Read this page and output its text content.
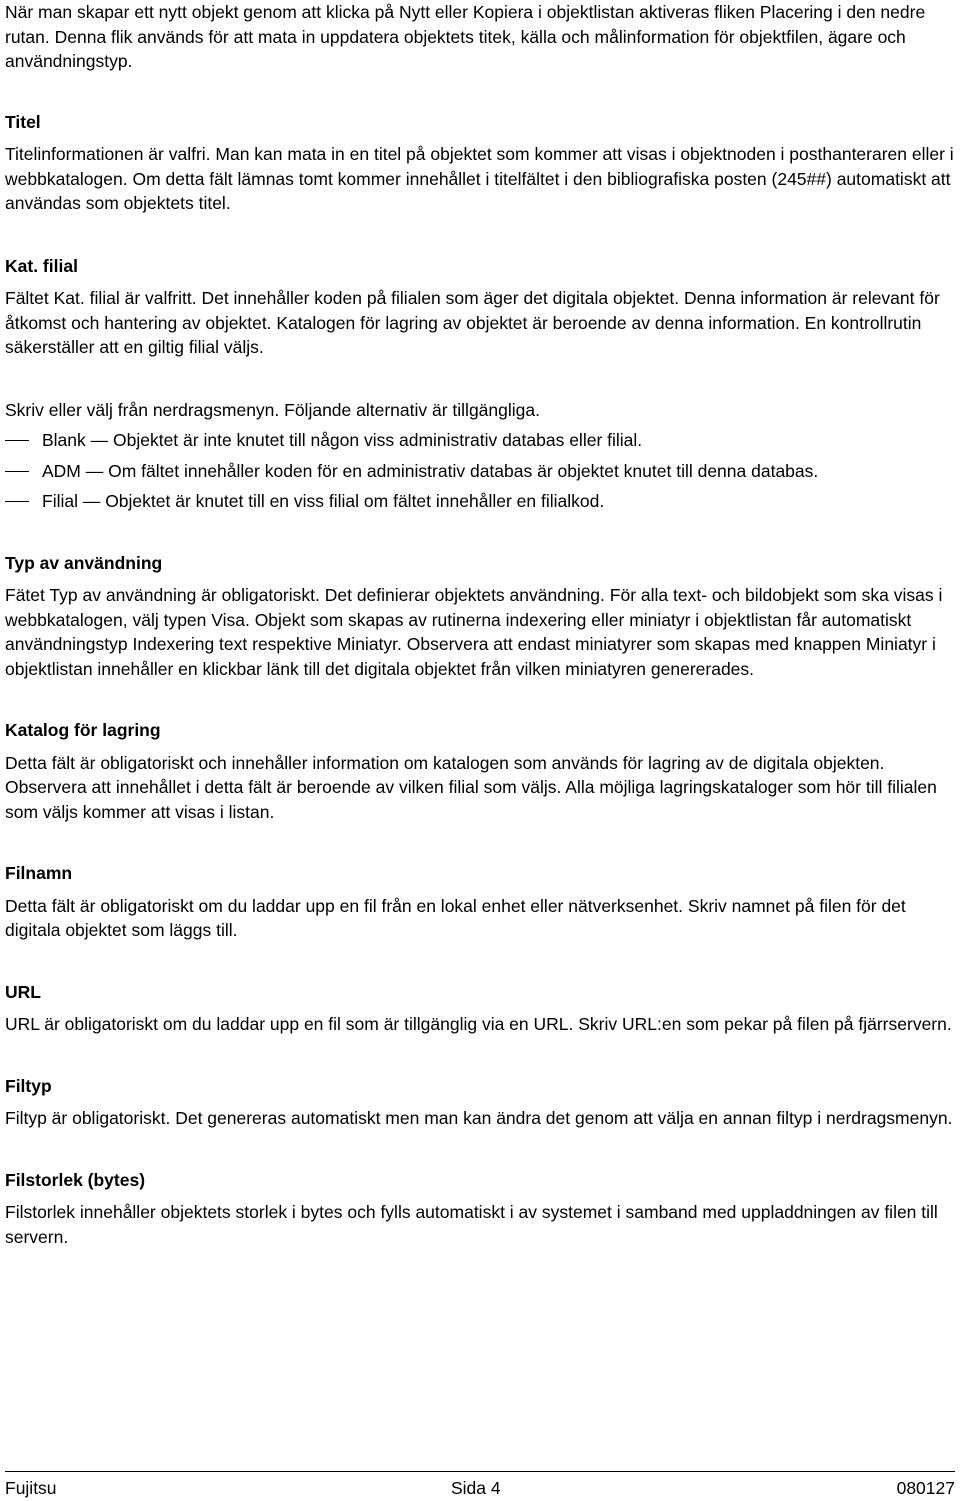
När man skapar ett nytt objekt genom att klicka på Nytt eller Kopiera i objektlistan aktiveras fliken Placering i den nedre rutan. Denna flik används för att mata in uppdatera objektets titek, källa och målinformation för objektfilen, ägare och användningstyp.

Titel

Titelinformationen är valfri. Man kan mata in en titel på objektet som kommer att visas i objektnoden i posthanteraren eller i webbkatalogen. Om detta fält lämnas tomt kommer innehållet i titelfältet i den bibliografiska posten (245##) automatiskt att användas som objektets titel.

Kat. filial

Fältet Kat. filial är valfritt. Det innehåller koden på filialen som äger det digitala objektet. Denna information är relevant för åtkomst och hantering av objektet. Katalogen för lagring av objektet är beroende av denna information. En kontrollrutin säkerställer att en giltig filial väljs.

Skriv eller välj från nerdragsmenyn. Följande alternativ är tillgängliga.

Blank — Objektet är inte knutet till någon viss administrativ databas eller filial.
ADM — Om fältet innehåller koden för en administrativ databas är objektet knutet till denna databas.
Filial — Objektet är knutet till en viss filial om fältet innehåller en filialkod.
Typ av användning

Fätet Typ av användning är obligatoriskt. Det definierar objektets användning. För alla text- och bildobjekt som ska visas i webbkatalogen, välj typen Visa. Objekt som skapas av rutinerna indexering eller miniatyr i objektlistan får automatiskt användningstyp Indexering text respektive Miniatyr. Observera att endast miniatyrer som skapas med knappen Miniatyr i objektlistan innehåller en klickbar länk till det digitala objektet från vilken miniatyren genererades.

Katalog för lagring

Detta fält är obligatoriskt och innehåller information om katalogen som används för lagring av de digitala objekten. Observera att innehållet i detta fält är beroende av vilken filial som väljs. Alla möjliga lagringskataloger som hör till filialen som väljs kommer att visas i listan.

Filnamn

Detta fält är obligatoriskt om du laddar upp en fil från en lokal enhet eller nätverksenhet. Skriv namnet på filen för det digitala objektet som läggs till.

URL

URL är obligatoriskt om du laddar upp en fil som är tillgänglig via en URL. Skriv URL:en som pekar på filen på fjärrservern.

Filtyp

Filtyp är obligatoriskt. Det genereras automatiskt men man kan ändra det genom att välja en annan filtyp i nerdragsmenyn.

Filstorlek (bytes)

Filstorlek innehåller objektets storlek i bytes och fylls automatiskt i av systemet i samband med uppladdningen av filen till servern.

Fujitsu	Sida 4	080127
